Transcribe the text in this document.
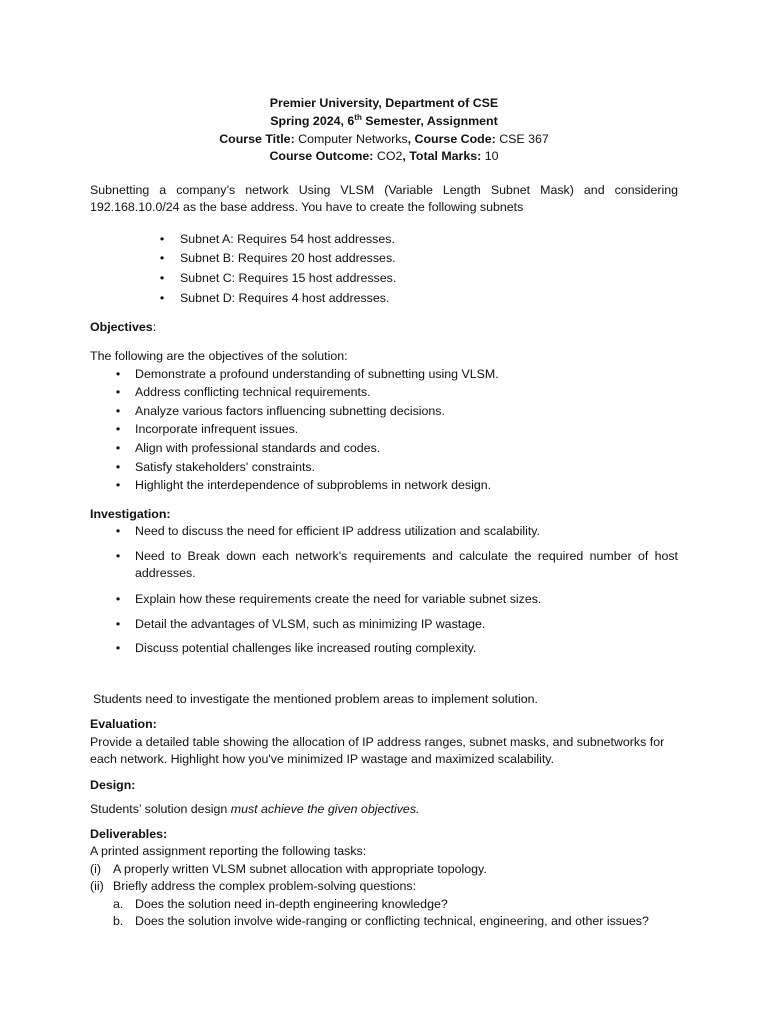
Premier University, Department of CSE
Spring 2024, 6th Semester, Assignment
Course Title: Computer Networks, Course Code: CSE 367
Course Outcome: CO2, Total Marks: 10
Subnetting a company’s network Using VLSM (Variable Length Subnet Mask) and considering 192.168.10.0/24 as the base address. You have to create the following subnets
•	Subnet A: Requires 54 host addresses.
•	Subnet B: Requires 20 host addresses.
•	Subnet C: Requires 15 host addresses.
•	Subnet D: Requires 4 host addresses.
Objectives:
The following are the objectives of the solution:
•	Demonstrate a profound understanding of subnetting using VLSM.
•	Address conflicting technical requirements.
•	Analyze various factors influencing subnetting decisions.
•	Incorporate infrequent issues.
•	Align with professional standards and codes.
•	Satisfy stakeholders' constraints.
•	Highlight the interdependence of subproblems in network design.
Investigation:
•	Need to discuss the need for efficient IP address utilization and scalability.
•	Need to Break down each network's requirements and calculate the required number of host addresses.
•	Explain how these requirements create the need for variable subnet sizes.
•	Detail the advantages of VLSM, such as minimizing IP wastage.
•	Discuss potential challenges like increased routing complexity.
Students need to investigate the mentioned problem areas to implement solution.
Evaluation:
Provide a detailed table showing the allocation of IP address ranges, subnet masks, and subnetworks for each network. Highlight how you've minimized IP wastage and maximized scalability.
Design:
Students’ solution design must achieve the given objectives.
Deliverables:
A printed assignment reporting the following tasks:
(i) A properly written VLSM subnet allocation with appropriate topology.
(ii) Briefly address the complex problem-solving questions:
a. Does the solution need in-depth engineering knowledge?
b. Does the solution involve wide-ranging or conflicting technical, engineering, and other issues?
